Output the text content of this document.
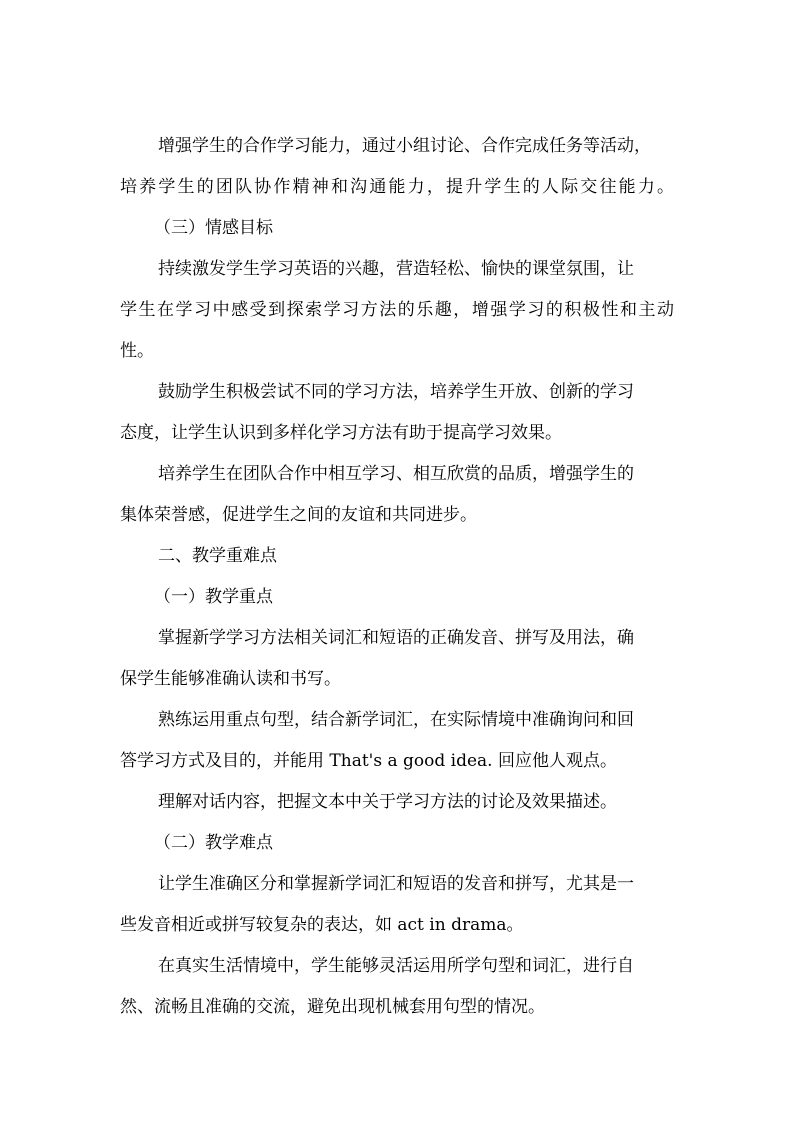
增强学生的合作学习能力，通过小组讨论、合作完成任务等活动，

培养学生的团队协作精神和沟通能力，提升学生的人际交往能力。

（三）情感目标

持续激发学生学习英语的兴趣，营造轻松、愉快的课堂氛围，让

学生在学习中感受到探索学习方法的乐趣，增强学习的积极性和主动

性。

鼓励学生积极尝试不同的学习方法，培养学生开放、创新的学习

态度，让学生认识到多样化学习方法有助于提高学习效果。

培养学生在团队合作中相互学习、相互欣赏的品质，增强学生的

集体荣誉感，促进学生之间的友谊和共同进步。

二、教学重难点

（一）教学重点

掌握新学学习方法相关词汇和短语的正确发音、拼写及用法，确

保学生能够准确认读和书写。

熟练运用重点句型，结合新学词汇，在实际情境中准确询问和回

答学习方式及目的，并能用 That's a good idea. 回应他人观点。

理解对话内容，把握文本中关于学习方法的讨论及效果描述。

（二）教学难点

让学生准确区分和掌握新学词汇和短语的发音和拼写，尤其是一

些发音相近或拼写较复杂的表达，如 act in drama。

在真实生活情境中，学生能够灵活运用所学句型和词汇，进行自

然、流畅且准确的交流，避免出现机械套用句型的情况。
